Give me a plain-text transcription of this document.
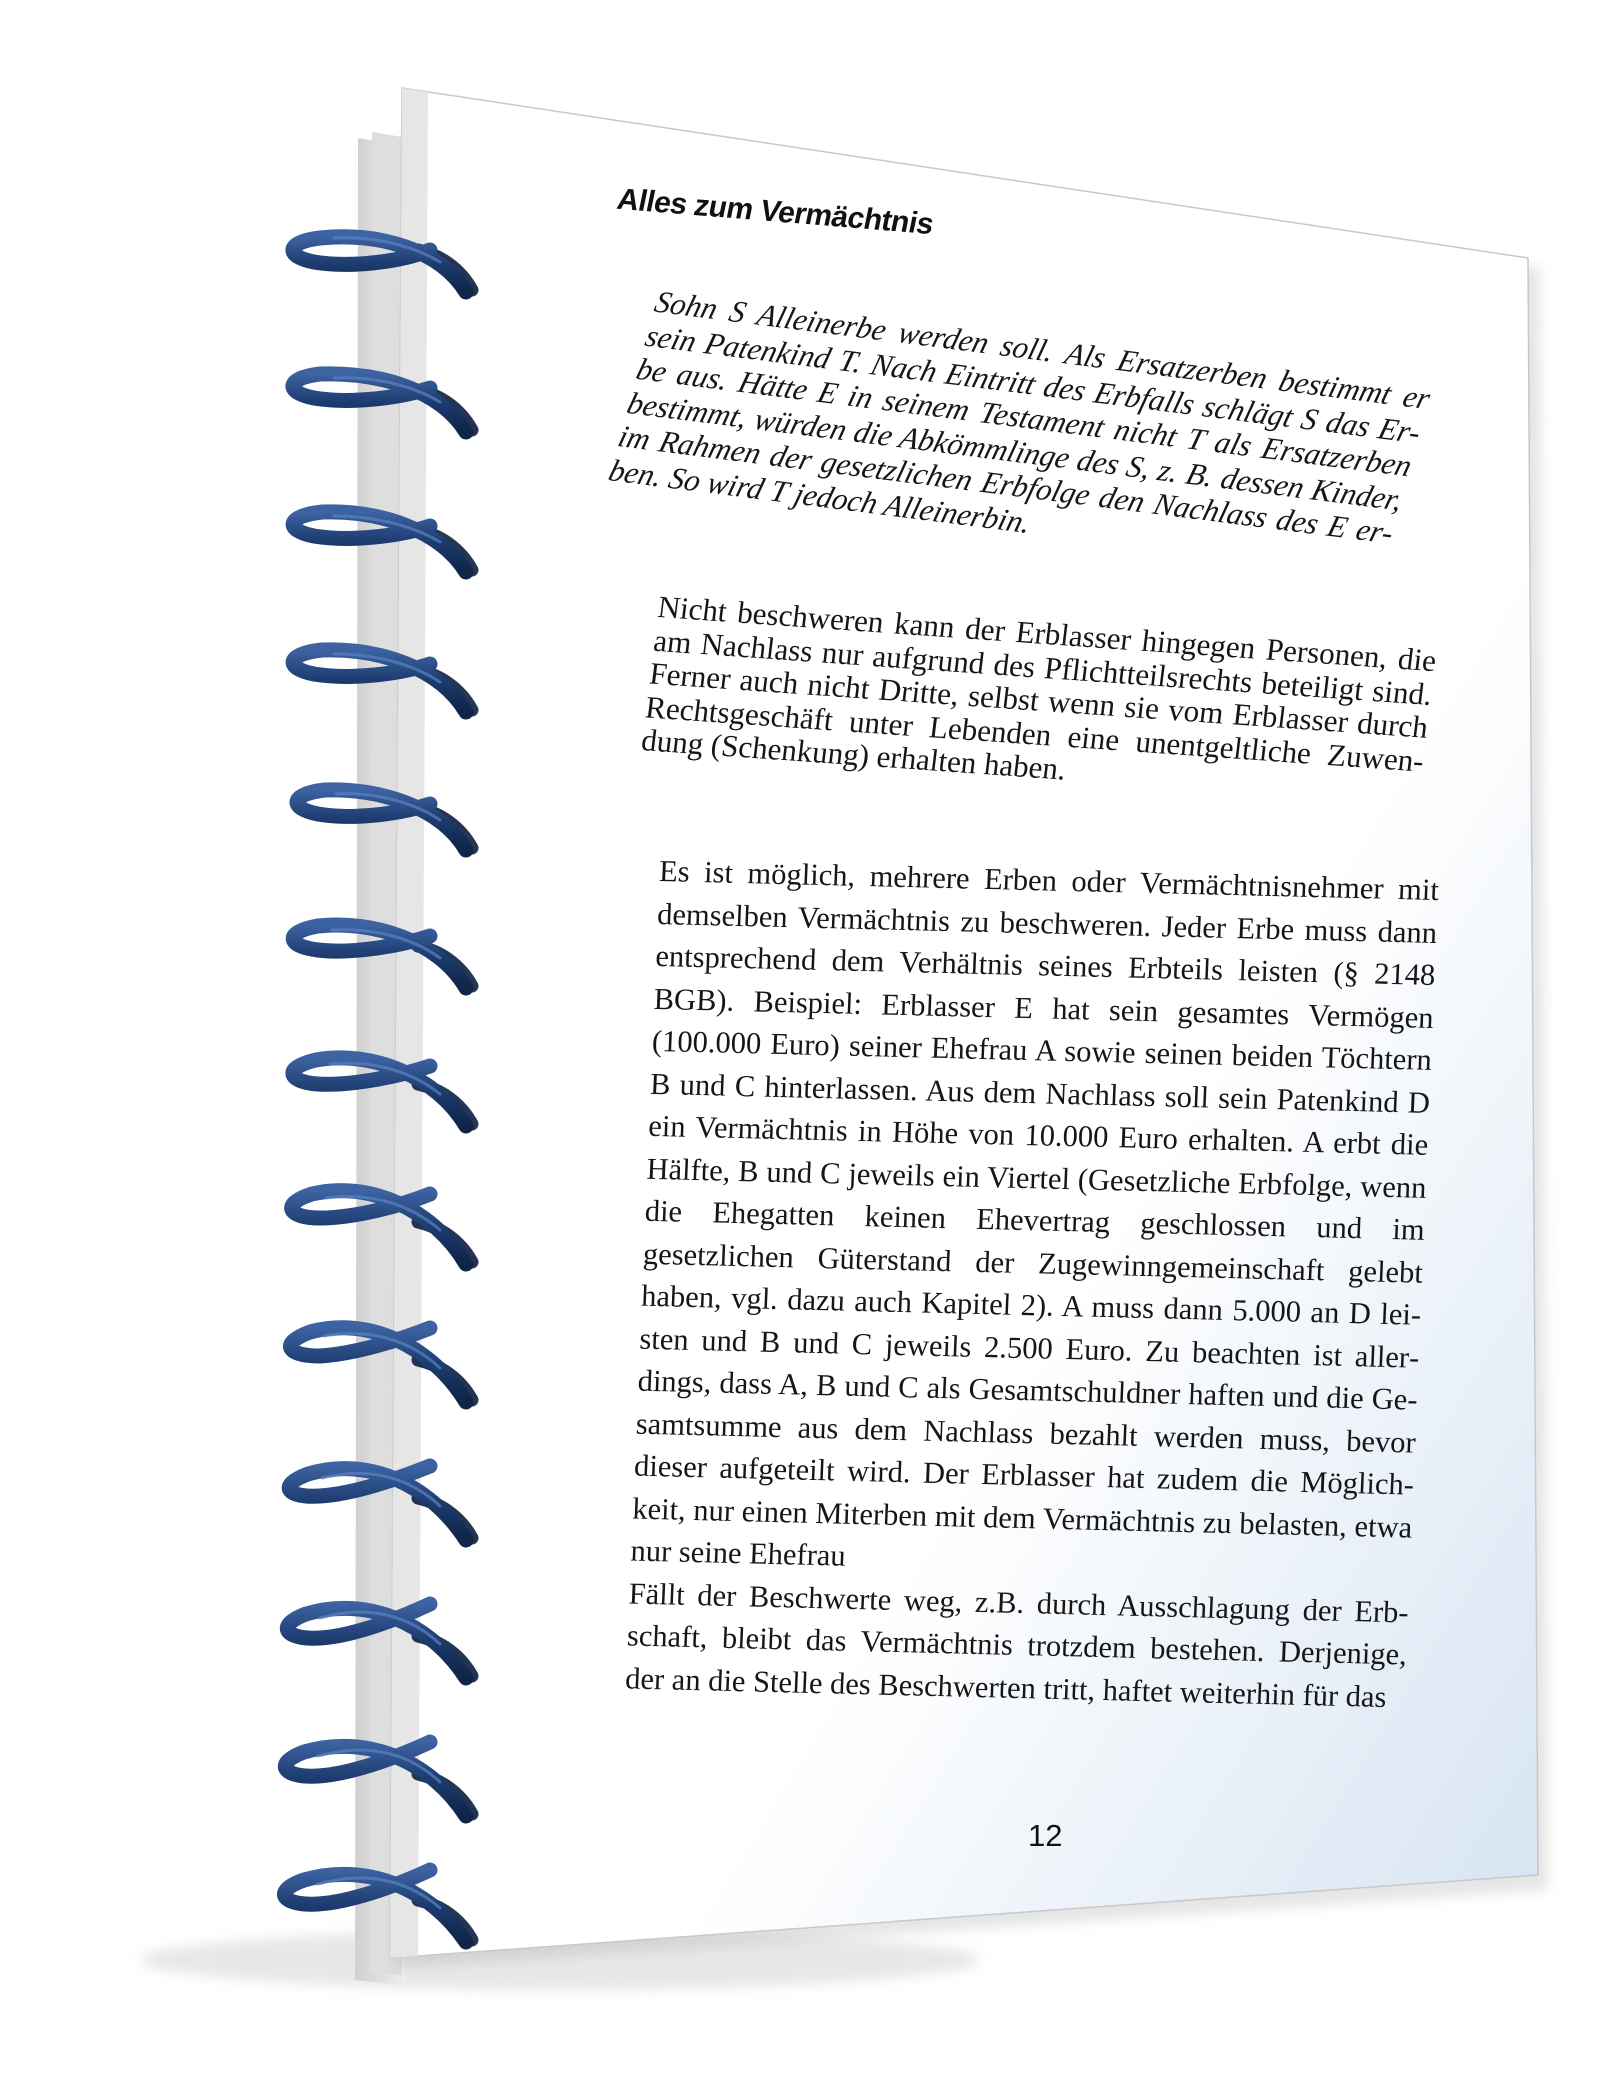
Alles zum Vermächtnis

Sohn S Alleinerbe werden soll. Als Ersatzerben bestimmt er sein Patenkind T. Nach Eintritt des Erbfalls schlägt S das Erbe aus. Hätte E in seinem Testament nicht T als Ersatzerben bestimmt, würden die Abkömmlinge des S, z. B. dessen Kinder, im Rahmen der gesetzlichen Erbfolge den Nachlass des E erben. So wird T jedoch Alleinerbin.

Nicht beschweren kann der Erblasser hingegen Personen, die am Nachlass nur aufgrund des Pflichtteilsrechts beteiligt sind. Ferner auch nicht Dritte, selbst wenn sie vom Erblasser durch Rechtsgeschäft unter Lebenden eine unentgeltliche Zuwendung (Schenkung) erhalten haben.

Es ist möglich, mehrere Erben oder Vermächtnisnehmer mit demselben Vermächtnis zu beschweren. Jeder Erbe muss dann entsprechend dem Verhältnis seines Erbteils leisten (§ 2148 BGB). Beispiel: Erblasser E hat sein gesamtes Vermögen (100.000 Euro) seiner Ehefrau A sowie seinen beiden Töchtern B und C hinterlassen. Aus dem Nachlass soll sein Patenkind D ein Vermächtnis in Höhe von 10.000 Euro erhalten. A erbt die Hälfte, B und C jeweils ein Viertel (Gesetzliche Erbfolge, wenn die Ehegatten keinen Ehevertrag geschlossen und im gesetzlichen Güterstand der Zugewinngemeinschaft gelebt haben, vgl. dazu auch Kapitel 2). A muss dann 5.000 an D leisten und B und C jeweils 2.500 Euro. Zu beachten ist allerdings, dass A, B und C als Gesamtschuldner haften und die Gesamtsumme aus dem Nachlass bezahlt werden muss, bevor dieser aufgeteilt wird. Der Erblasser hat zudem die Möglichkeit, nur einen Miterben mit dem Vermächtnis zu belasten, etwa nur seine Ehefrau

Fällt der Beschwerte weg, z.B. durch Ausschlagung der Erbschaft, bleibt das Vermächtnis trotzdem bestehen. Derjenige, der an die Stelle des Beschwerten tritt, haftet weiterhin für das

12
